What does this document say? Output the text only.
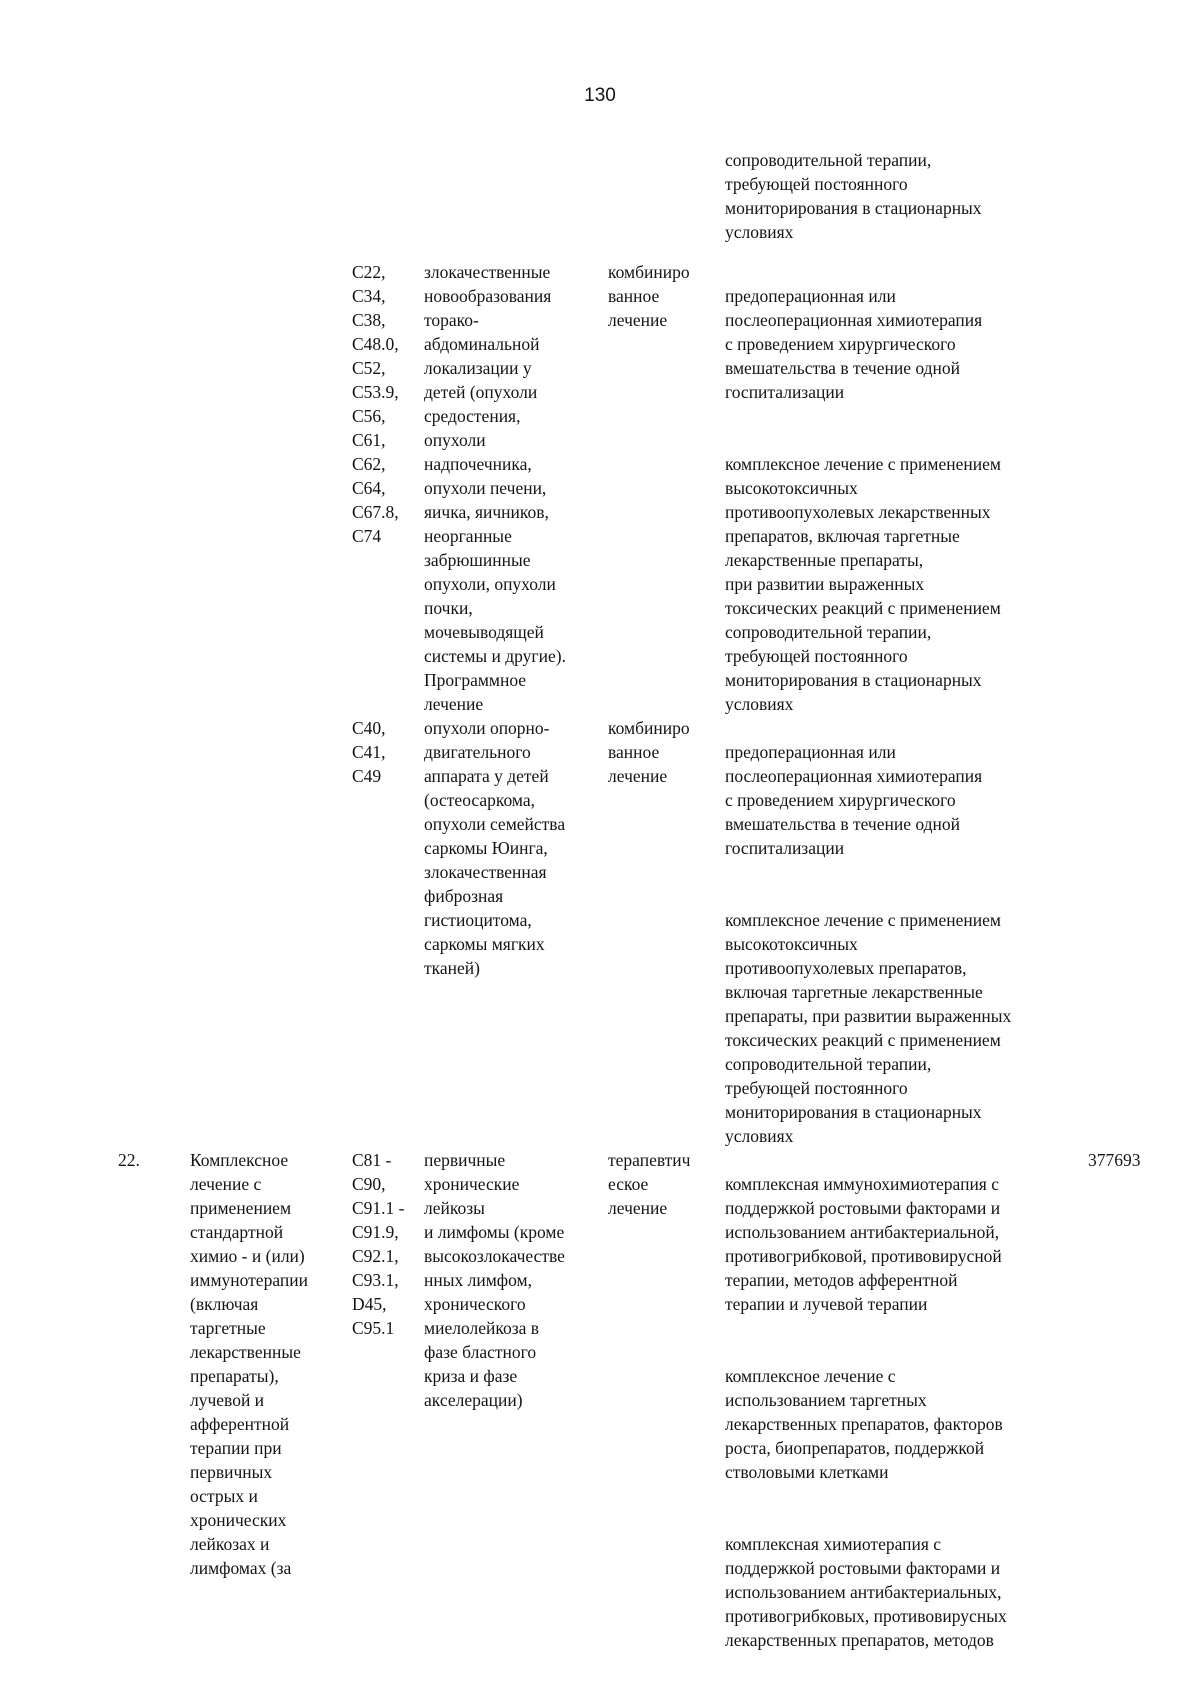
130
сопроводительной терапии,
требующей постоянного
мониторирования в стационарных
условиях
С22,
С34,
С38,
С48.0,
С52,
С53.9,
С56,
С61,
С62,
С64,
С67.8,
С74
злокачественные
новообразования
торако-
абдоминальной
локализации у
детей (опухоли
средостения,
опухоли
надпочечника,
опухоли печени,
яичка, яичников,
неорганные
забрюшинные
опухоли, опухоли
почки,
мочевыводящей
системы и другие).
Программное
лечение
комбиниро
ванное
лечение

предоперационная или
послеоперационная химиотерапия
с проведением хирургического
вмешательства в течение одной
госпитализации

комплексное лечение с применением
высокотоксичных
противоопухолевых лекарственных
препаратов, включая таргетные
лекарственные препараты,
при развитии выраженных
токсических реакций с применением
сопроводительной терапии,
требующей постоянного
мониторирования в стационарных
условиях

С40,
С41,
С49
опухоли опорно-
двигательного
аппарата у детей
(остеосаркома,
опухоли семейства
саркомы Юинга,
злокачественная
фиброзная
гистиоцитома,
саркомы мягких
тканей)
комбиниро
ванное
лечение

предоперационная или
послеоперационная химиотерапия
с проведением хирургического
вмешательства в течение одной
госпитализации

комплексное лечение с применением
высокотоксичных
противоопухолевых препаратов,
включая таргетные лекарственные
препараты, при развитии выраженных
токсических реакций с применением
сопроводительной терапии,
требующей постоянного
мониторирования в стационарных
условиях

22.	Комплексное
лечение с
применением
стандартной
химио - и (или)
иммунотерапии
(включая
таргетные
лекарственные
препараты),
лучевой и
афферентной
терапии при
первичных
острых и
хронических
лейкозах и
лимфомах (за
С81 -
С90,
С91.1 -
С91.9,
С92.1,
С93.1,
D45,
С95.1
первичные
хронические
лейкозы
и лимфомы (кроме
высокозлокачестве
нных лимфом,
хронического
миелолейкоза в
фазе бластного
криза и фазе
акселерации)
терапевтич
еское
лечение

комплексная иммунохимиотерапия с
поддержкой ростовыми факторами и
использованием антибактериальной,
противогрибковой, противовирусной
терапии, методов афферентной
терапии и лучевой терапии

комплексное лечение с
использованием таргетных
лекарственных препаратов, факторов
роста, биопрепаратов, поддержкой
стволовыми клетками

комплексная химиотерапия с
поддержкой ростовыми факторами и
использованием антибактериальных,
противогрибковых, противовирусных
лекарственных препаратов, методов

377693
